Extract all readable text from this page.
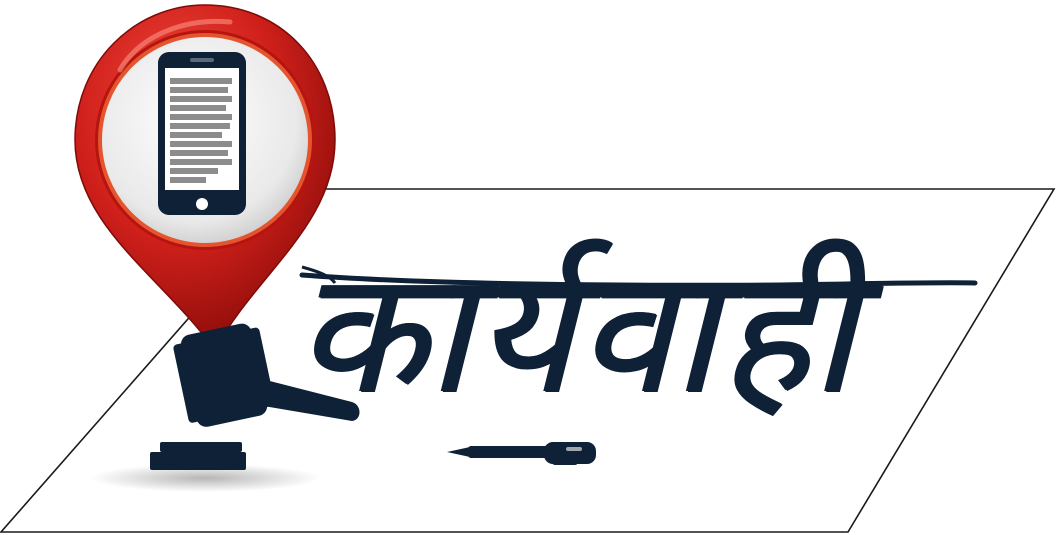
कार्यवाही
